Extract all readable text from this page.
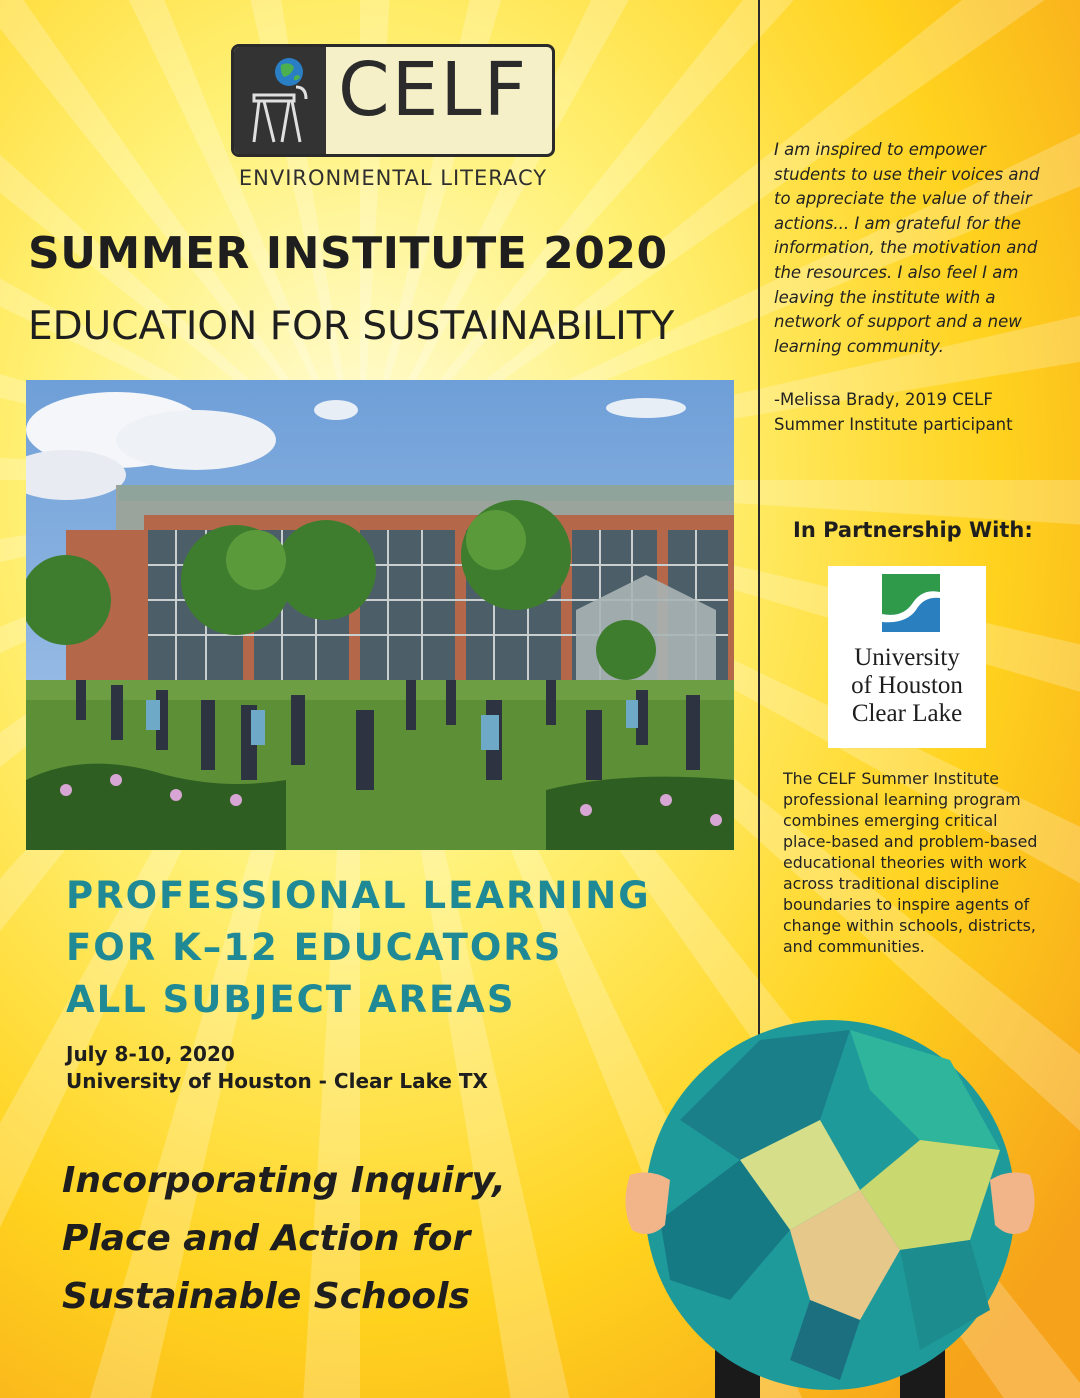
CELF
ENVIRONMENTAL LITERACY
SUMMER INSTITUTE 2020
EDUCATION FOR SUSTAINABILITY
PROFESSIONAL LEARNING
FOR K–12 EDUCATORS
ALL SUBJECT AREAS
July 8-10, 2020
University of Houston - Clear Lake TX
Incorporating Inquiry,
Place and Action for
Sustainable Schools
I am inspired to empower
students to use their voices and
to appreciate the value of their
actions... I am grateful for the
information, the motivation and
the resources. I also feel I am
leaving the institute with a
network of support and a new
learning community.
-Melissa Brady, 2019 CELF
Summer Institute participant
In Partnership With:
University
of Houston
Clear Lake
The CELF Summer Institute
professional learning program
combines emerging critical
place-based and problem-based
educational theories with work
across traditional discipline
boundaries to inspire agents of
change within schools, districts,
and communities.
